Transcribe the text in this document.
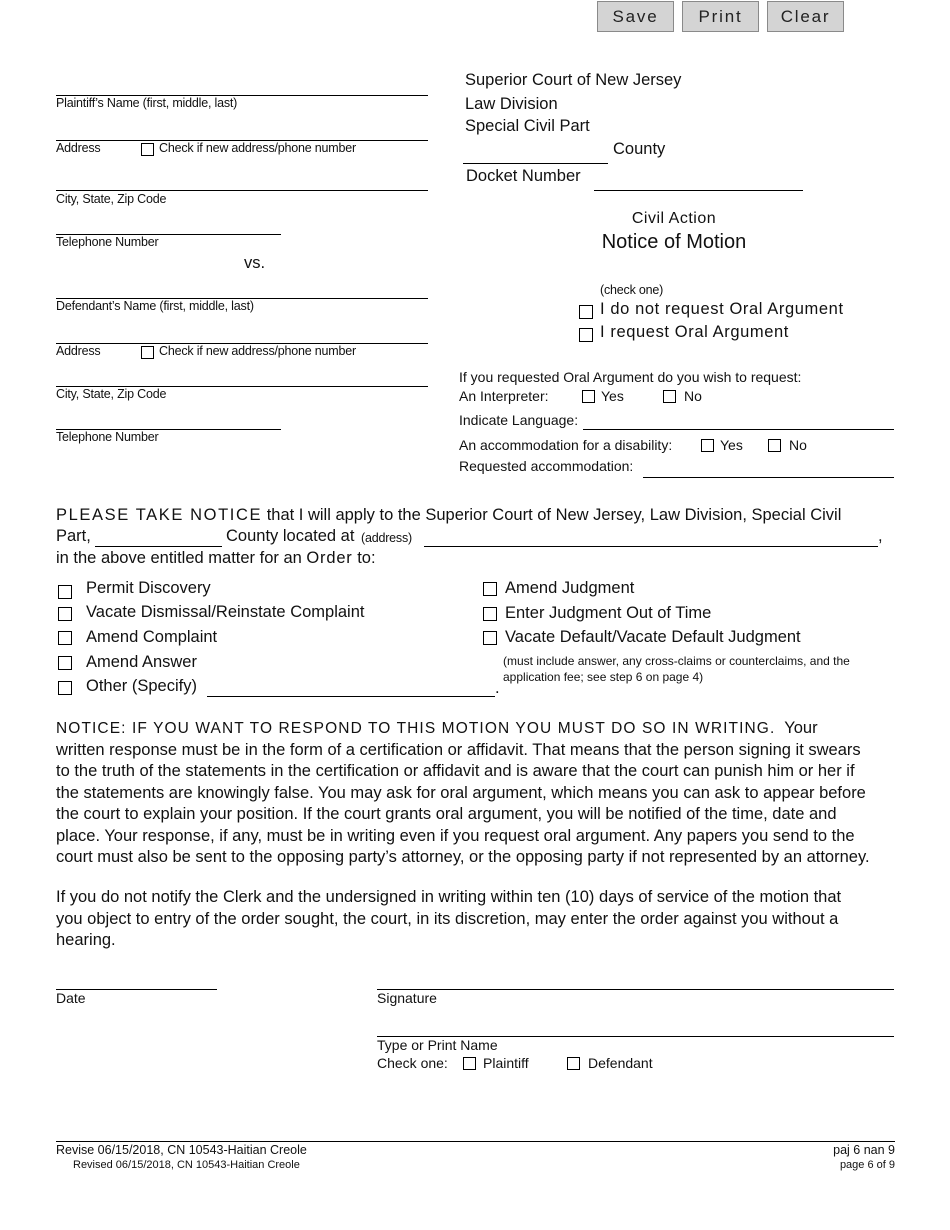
Save	Print	Clear
Plaintiff’s Name (first, middle, last)
Address	Check if new address/phone number
City, State, Zip Code
Telephone Number
vs.
Defendant’s Name (first, middle, last)
Address	Check if new address/phone number
City, State, Zip Code
Telephone Number
Superior Court of New Jersey
Law Division
Special Civil Part
County
Docket Number
Civil Action
Notice of Motion
(check one)
I do not request Oral Argument
I request Oral Argument
If you requested Oral Argument do you wish to request:
An Interpreter:	Yes	No
Indicate Language:
An accommodation for a disability:	Yes	No
Requested accommodation:
PLEASE TAKE NOTICE that I will apply to the Superior Court of New Jersey, Law Division, Special Civil
Part,	County located at (address)	,
in the above entitled matter for an Order to:
Permit Discovery
Vacate Dismissal/Reinstate Complaint
Amend Complaint
Amend Answer
Other (Specify)	.
Amend Judgment
Enter Judgment Out of Time
Vacate Default/Vacate Default Judgment
(must include answer, any cross-claims or counterclaims, and the
application fee; see step 6 on page 4)
NOTICE: IF YOU WANT TO RESPOND TO THIS MOTION YOU MUST DO SO IN WRITING. Your
written response must be in the form of a certification or affidavit. That means that the person signing it swears
to the truth of the statements in the certification or affidavit and is aware that the court can punish him or her if
the statements are knowingly false. You may ask for oral argument, which means you can ask to appear before
the court to explain your position. If the court grants oral argument, you will be notified of the time, date and
place. Your response, if any, must be in writing even if you request oral argument. Any papers you send to the
court must also be sent to the opposing party’s attorney, or the opposing party if not represented by an attorney.
If you do not notify the Clerk and the undersigned in writing within ten (10) days of service of the motion that
you object to entry of the order sought, the court, in its discretion, may enter the order against you without a
hearing.
Date	Signature
Type or Print Name
Check one:	Plaintiff	Defendant
Revise 06/15/2018, CN 10543-Haitian Creole
Revised 06/15/2018, CN 10543-Haitian Creole
paj 6 nan 9
page 6 of 9
